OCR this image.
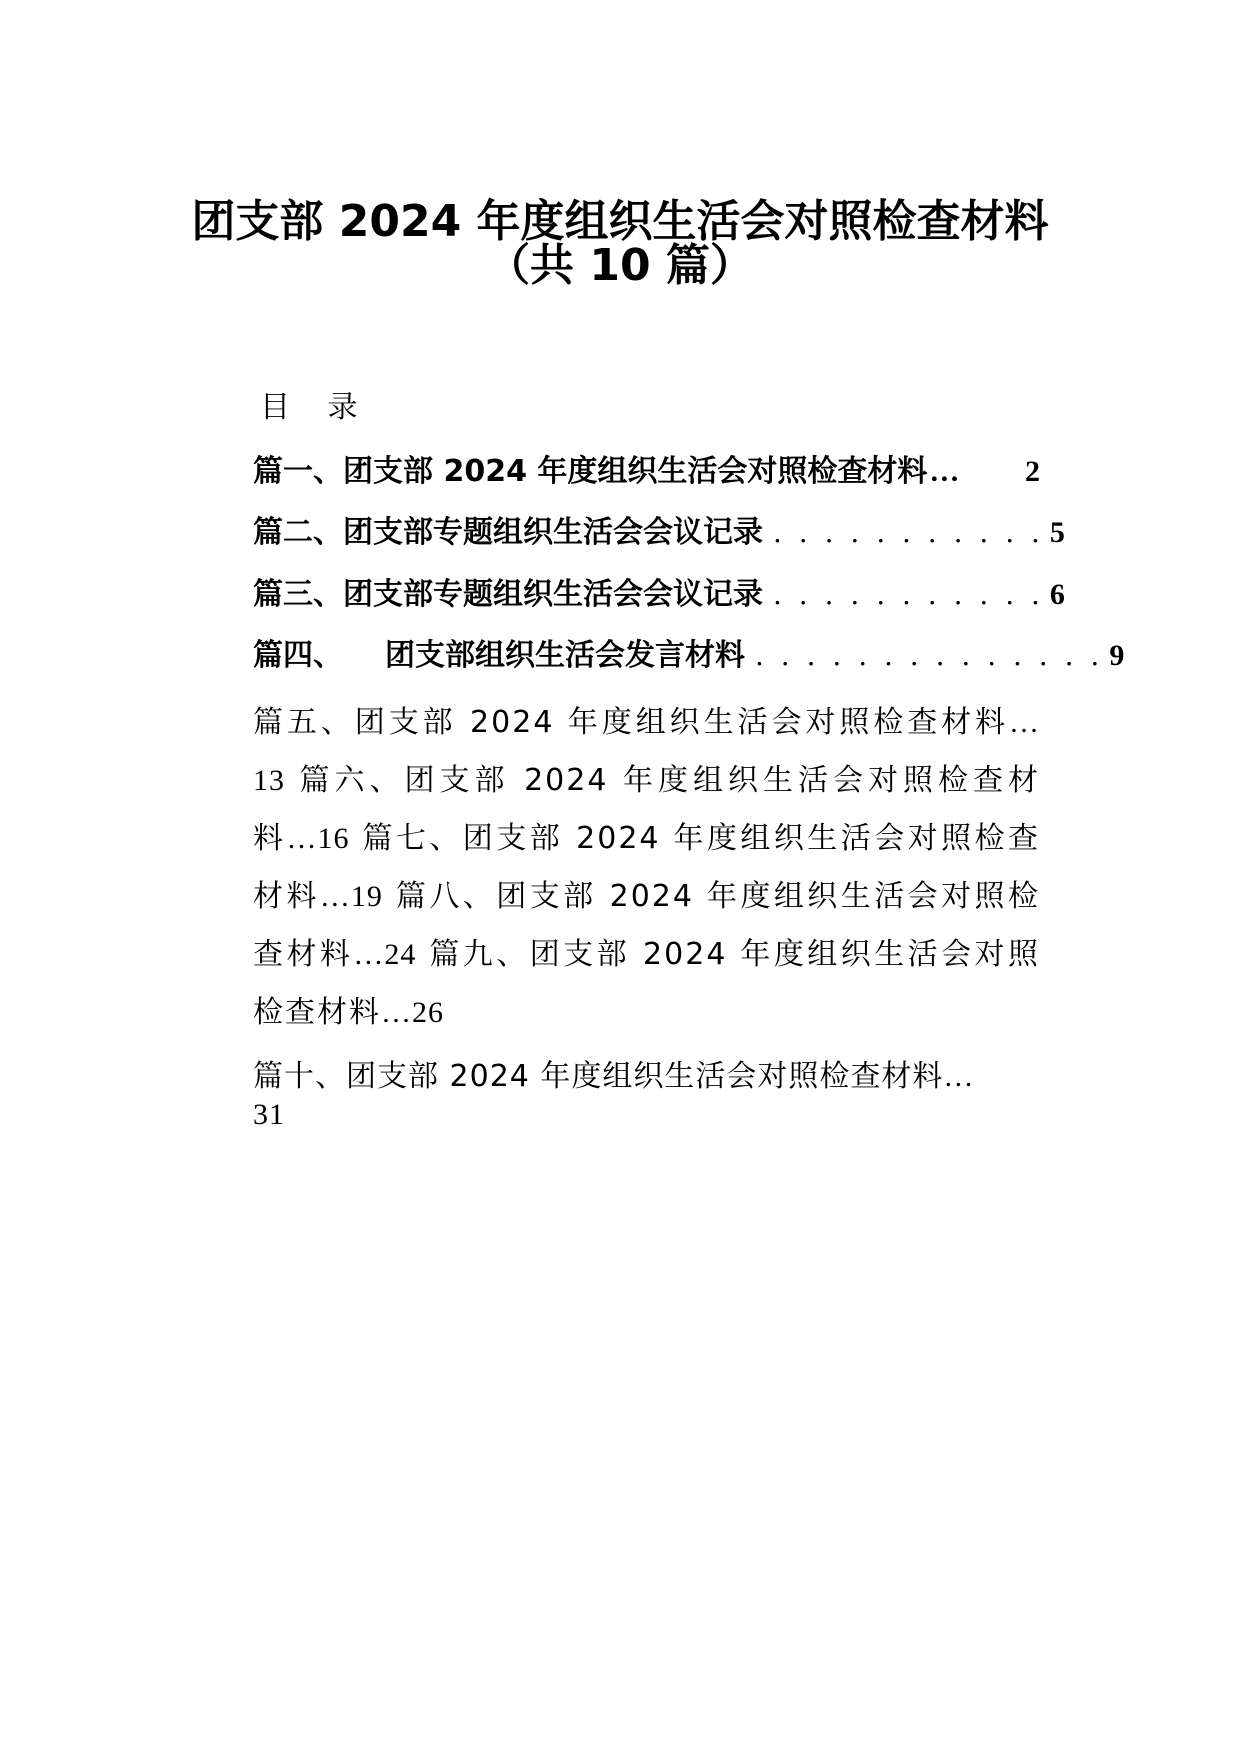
团支部 2024 年度组织生活会对照检查材料
（共 10 篇）
目 录
篇一、团支部 2024 年度组织生活会对照检查材料 …	2
篇二、团支部专题组织生活会会议记录 . . . . . . . . . . . 5
篇三、团支部专题组织生活会会议记录 . . . . . . . . . . . 6
篇四、 团支部组织生活会发言材料 . . . . . . . . . . . . . . 9
篇五、团支部 2024 年度组织生活会对照检查材料… 13 篇六、团支部 2024 年度组织生活会对照检查材料…16 篇七、团支部 2024 年度组织生活会对照检查材料…19 篇八、团支部 2024 年度组织生活会对照检查材料…24 篇九、团支部 2024 年度组织生活会对照检查材料…26
篇十、团支部 2024 年度组织生活会对照检查材料…
31
